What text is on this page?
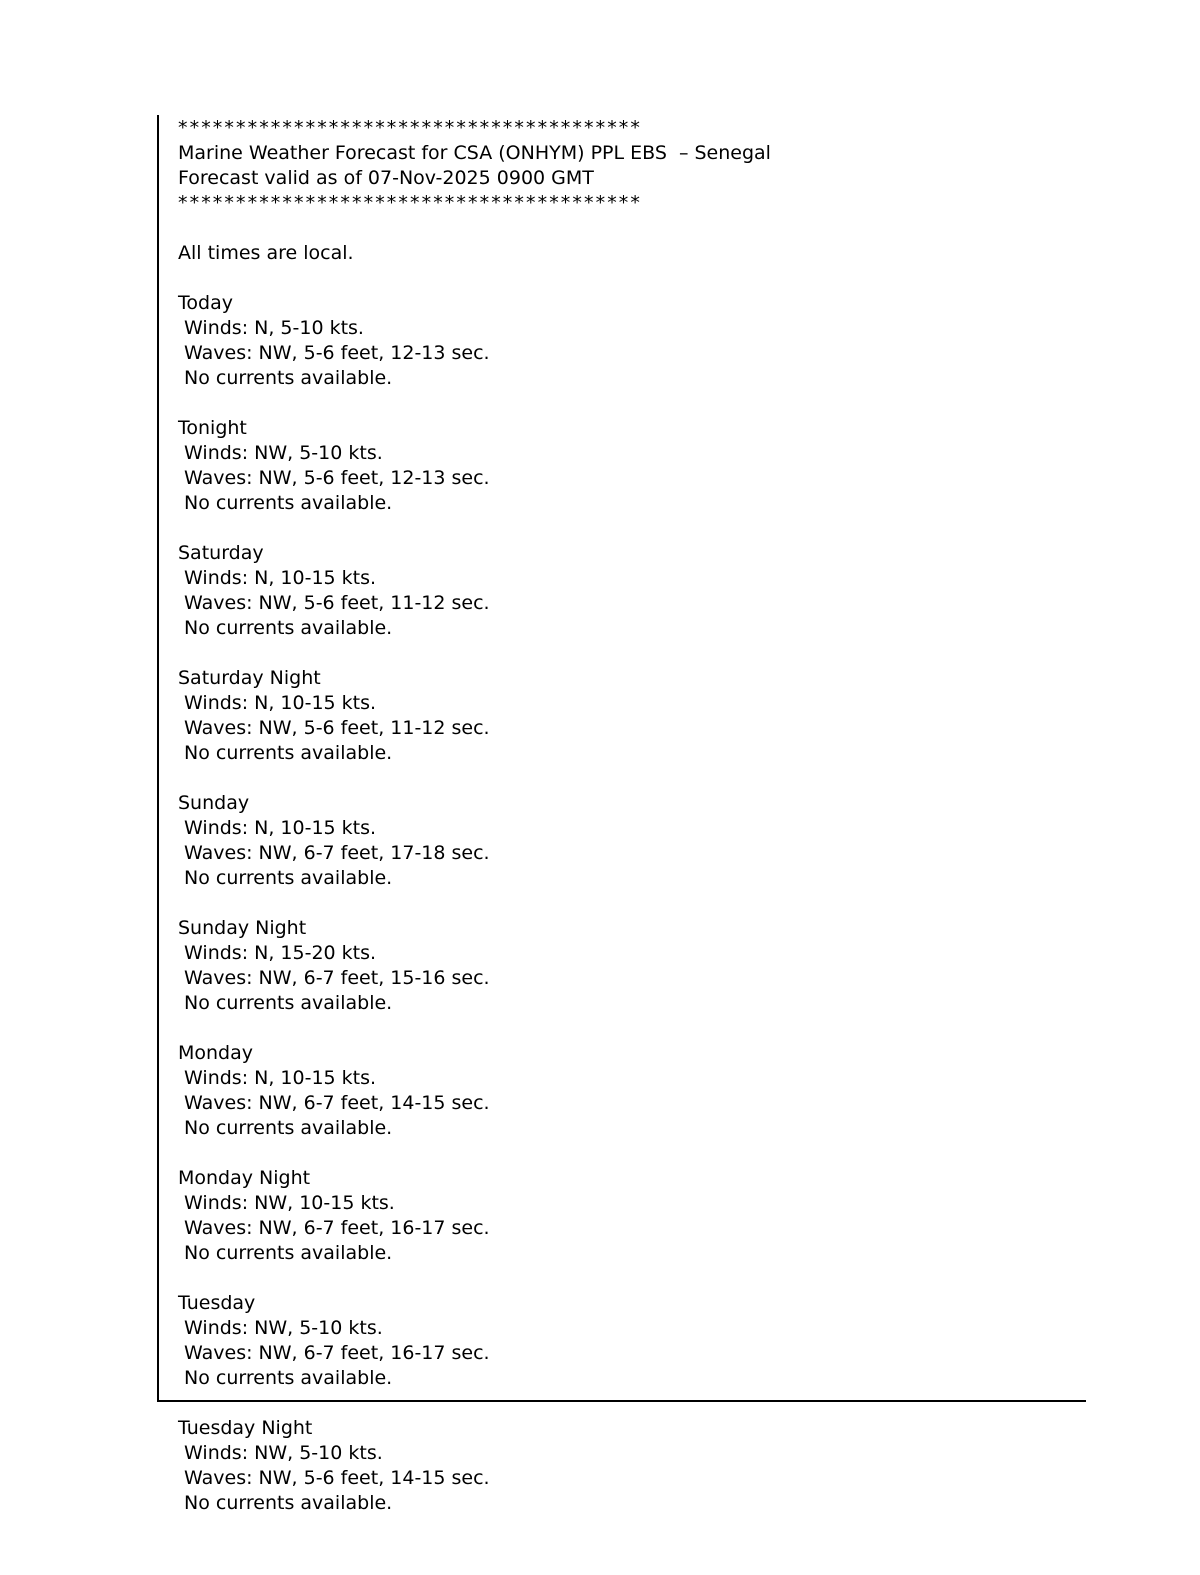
****************************************
Marine Weather Forecast for CSA (ONHYM) PPL EBS  – Senegal
Forecast valid as of 07-Nov-2025 0900 GMT
****************************************
All times are local.
Today
Winds: N, 5-10 kts.
Waves: NW, 5-6 feet, 12-13 sec.
No currents available.
Tonight
Winds: NW, 5-10 kts.
Waves: NW, 5-6 feet, 12-13 sec.
No currents available.
Saturday
Winds: N, 10-15 kts.
Waves: NW, 5-6 feet, 11-12 sec.
No currents available.
Saturday Night
Winds: N, 10-15 kts.
Waves: NW, 5-6 feet, 11-12 sec.
No currents available.
Sunday
Winds: N, 10-15 kts.
Waves: NW, 6-7 feet, 17-18 sec.
No currents available.
Sunday Night
Winds: N, 15-20 kts.
Waves: NW, 6-7 feet, 15-16 sec.
No currents available.
Monday
Winds: N, 10-15 kts.
Waves: NW, 6-7 feet, 14-15 sec.
No currents available.
Monday Night
Winds: NW, 10-15 kts.
Waves: NW, 6-7 feet, 16-17 sec.
No currents available.
Tuesday
Winds: NW, 5-10 kts.
Waves: NW, 6-7 feet, 16-17 sec.
No currents available.
Tuesday Night
Winds: NW, 5-10 kts.
Waves: NW, 5-6 feet, 14-15 sec.
No currents available.
